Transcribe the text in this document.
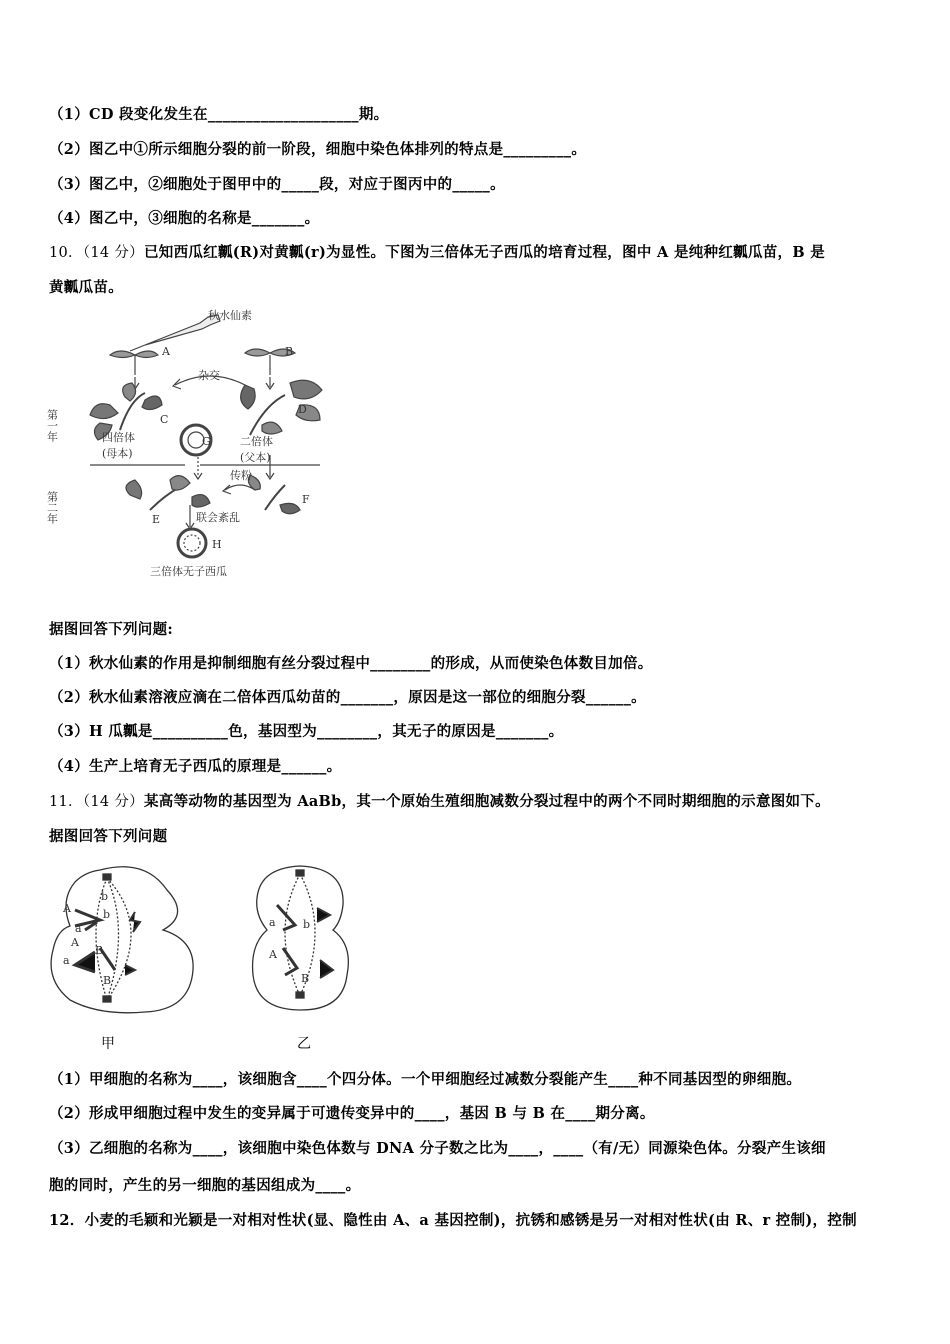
（1）CD 段变化发生在____________________期。
（2）图乙中①所示细胞分裂的前一阶段，细胞中染色体排列的特点是_________。
（3）图乙中，②细胞处于图甲中的_____段，对应于图丙中的_____。
（4）图乙中，③细胞的名称是_______。
10．（14 分）已知西瓜红瓤(R)对黄瓤(r)为显性。下图为三倍体无子西瓜的培育过程，图中 A 是纯种红瓤瓜苗，B 是
黄瓤瓜苗。
秋水仙素
A	B
杂交
C
D
G
四倍体
(母本)
二倍体
(父本)
第一年
第二年
传粉
E
F
联会紊乱
H
三倍体无子西瓜
据图回答下列问题:
（1）秋水仙素的作用是抑制细胞有丝分裂过程中________的形成，从而使染色体数目加倍。
（2）秋水仙素溶液应滴在二倍体西瓜幼苗的_______，原因是这一部位的细胞分裂______。
（3）H 瓜瓤是__________色，基因型为________，其无子的原因是_______。
（4）生产上培育无子西瓜的原理是______。
11．（14 分）某高等动物的基因型为 AaBb，其一个原始生殖细胞减数分裂过程中的两个不同时期细胞的示意图如下。
据图回答下列问题
A
a
b
b
A
a
B
B
甲
a b
A
B
乙
（1）甲细胞的名称为____，该细胞含____个四分体。一个甲细胞经过减数分裂能产生____种不同基因型的卵细胞。
（2）形成甲细胞过程中发生的变异属于可遗传变异中的____，基因 B 与 B 在____期分离。
（3）乙细胞的名称为____，该细胞中染色体数与 DNA 分子数之比为____，____（有/无）同源染色体。分裂产生该细
胞的同时，产生的另一细胞的基因组成为____。
12．小麦的毛颖和光颖是一对相对性状(显、隐性由 A、a 基因控制)，抗锈和感锈是另一对相对性状(由 R、r 控制)，控制
